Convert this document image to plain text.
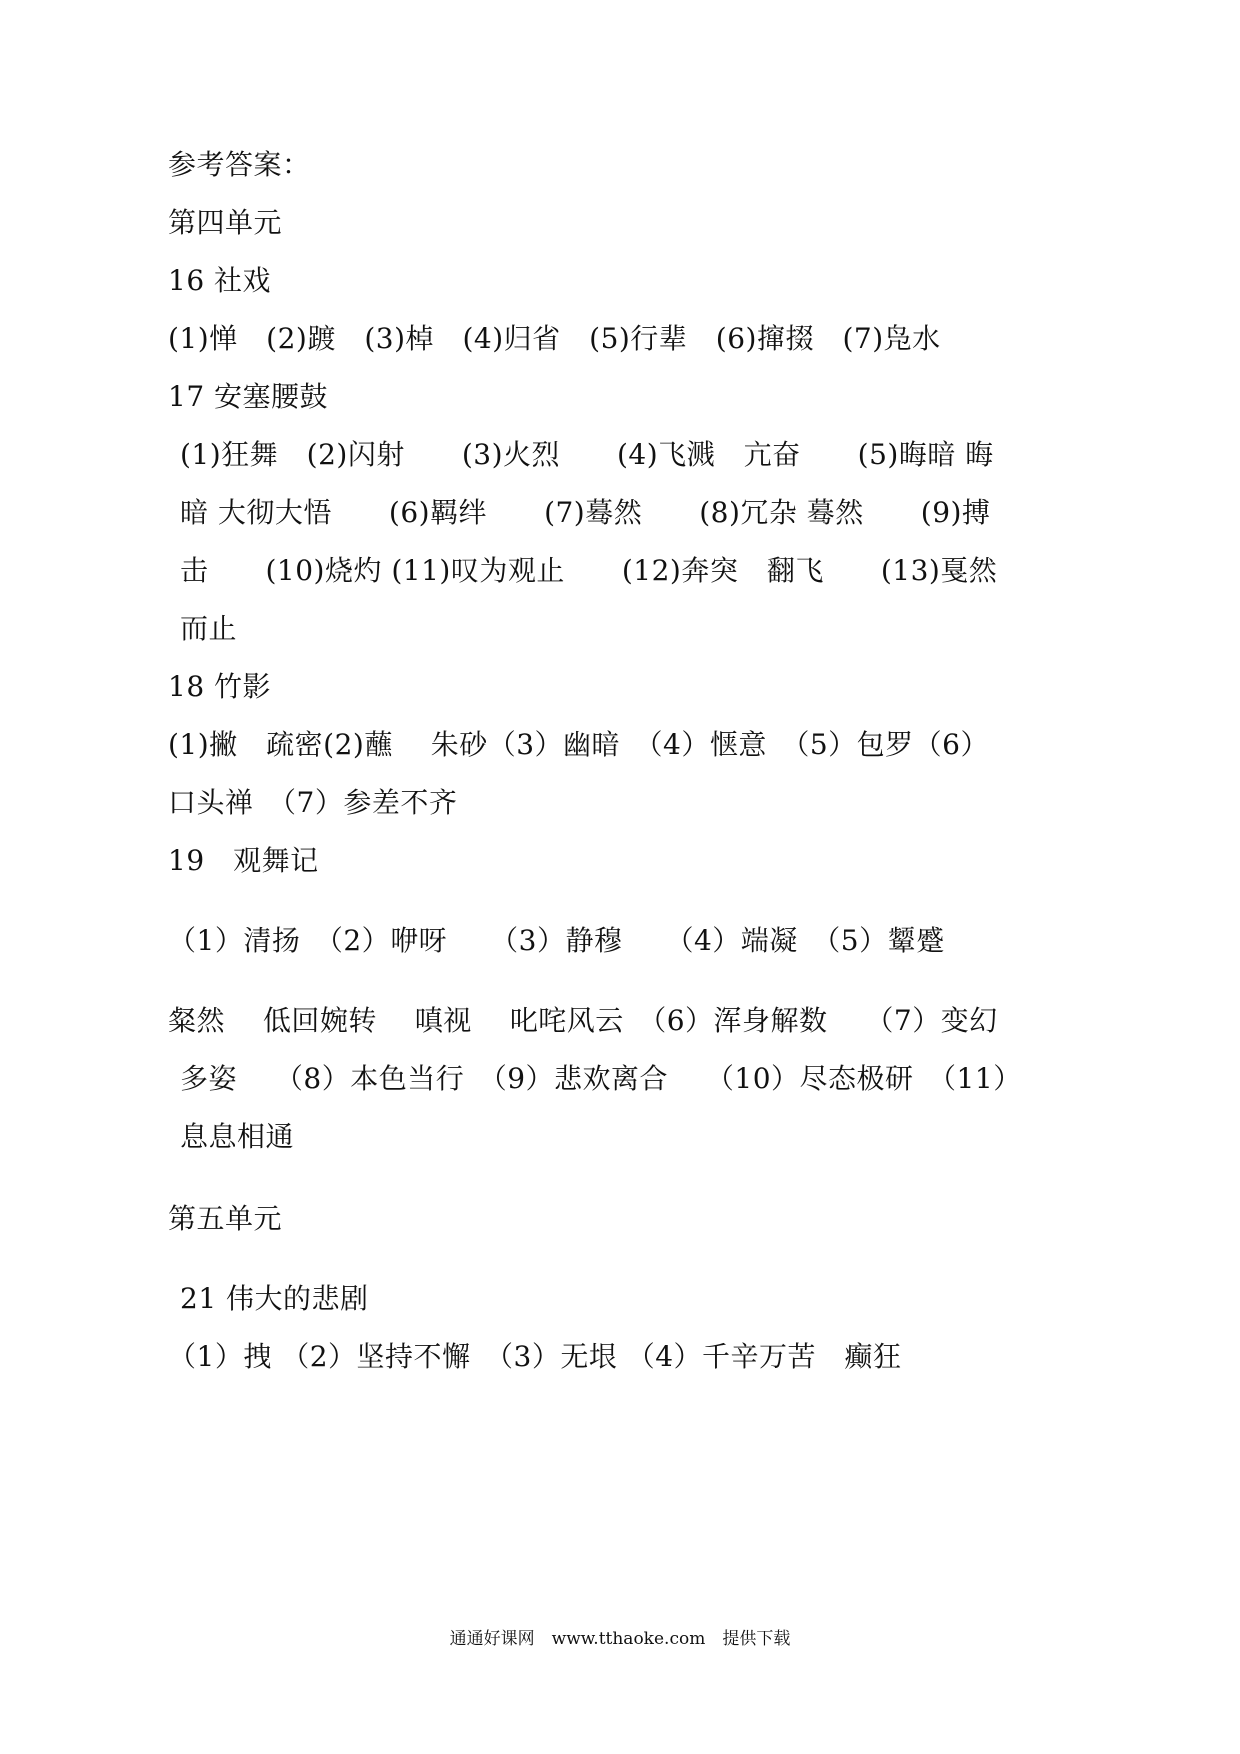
参考答案：
第四单元
16 社戏
(1)惮　(2)踱　(3)棹　(4)归省　(5)行辈　(6)撺掇　(7)凫水
17 安塞腰鼓
(1)狂舞　(2)闪射　　(3)火烈　　(4)飞溅　亢奋　　(5)晦暗 晦
暗 大彻大悟　　(6)羁绊　　(7)蓦然　　(8)冗杂 蓦然　　(9)搏
击　　(10)烧灼 (11)叹为观止　　(12)奔突　翻飞　　(13)戛然
而止
18 竹影
(1)撇　疏密(2)蘸　 朱砂（3）幽暗　（4）惬意　（5）包罗（6）
口头禅　（7）参差不齐
19　观舞记
（1）清扬　（2）咿呀　　（3）静穆　　（4）端凝　（5）颦蹙
粲然　 低回婉转　 嗔视　 叱咤风云　（6）浑身解数　 （7）变幻
多姿　 （8）本色当行　（9）悲欢离合　 （10）尽态极研　（11）
息息相通
第五单元
21 伟大的悲剧
（1）拽 （2）坚持不懈　（3）无垠 （4）千辛万苦　癫狂
通通好课网　www.tthaoke.com　提供下载
